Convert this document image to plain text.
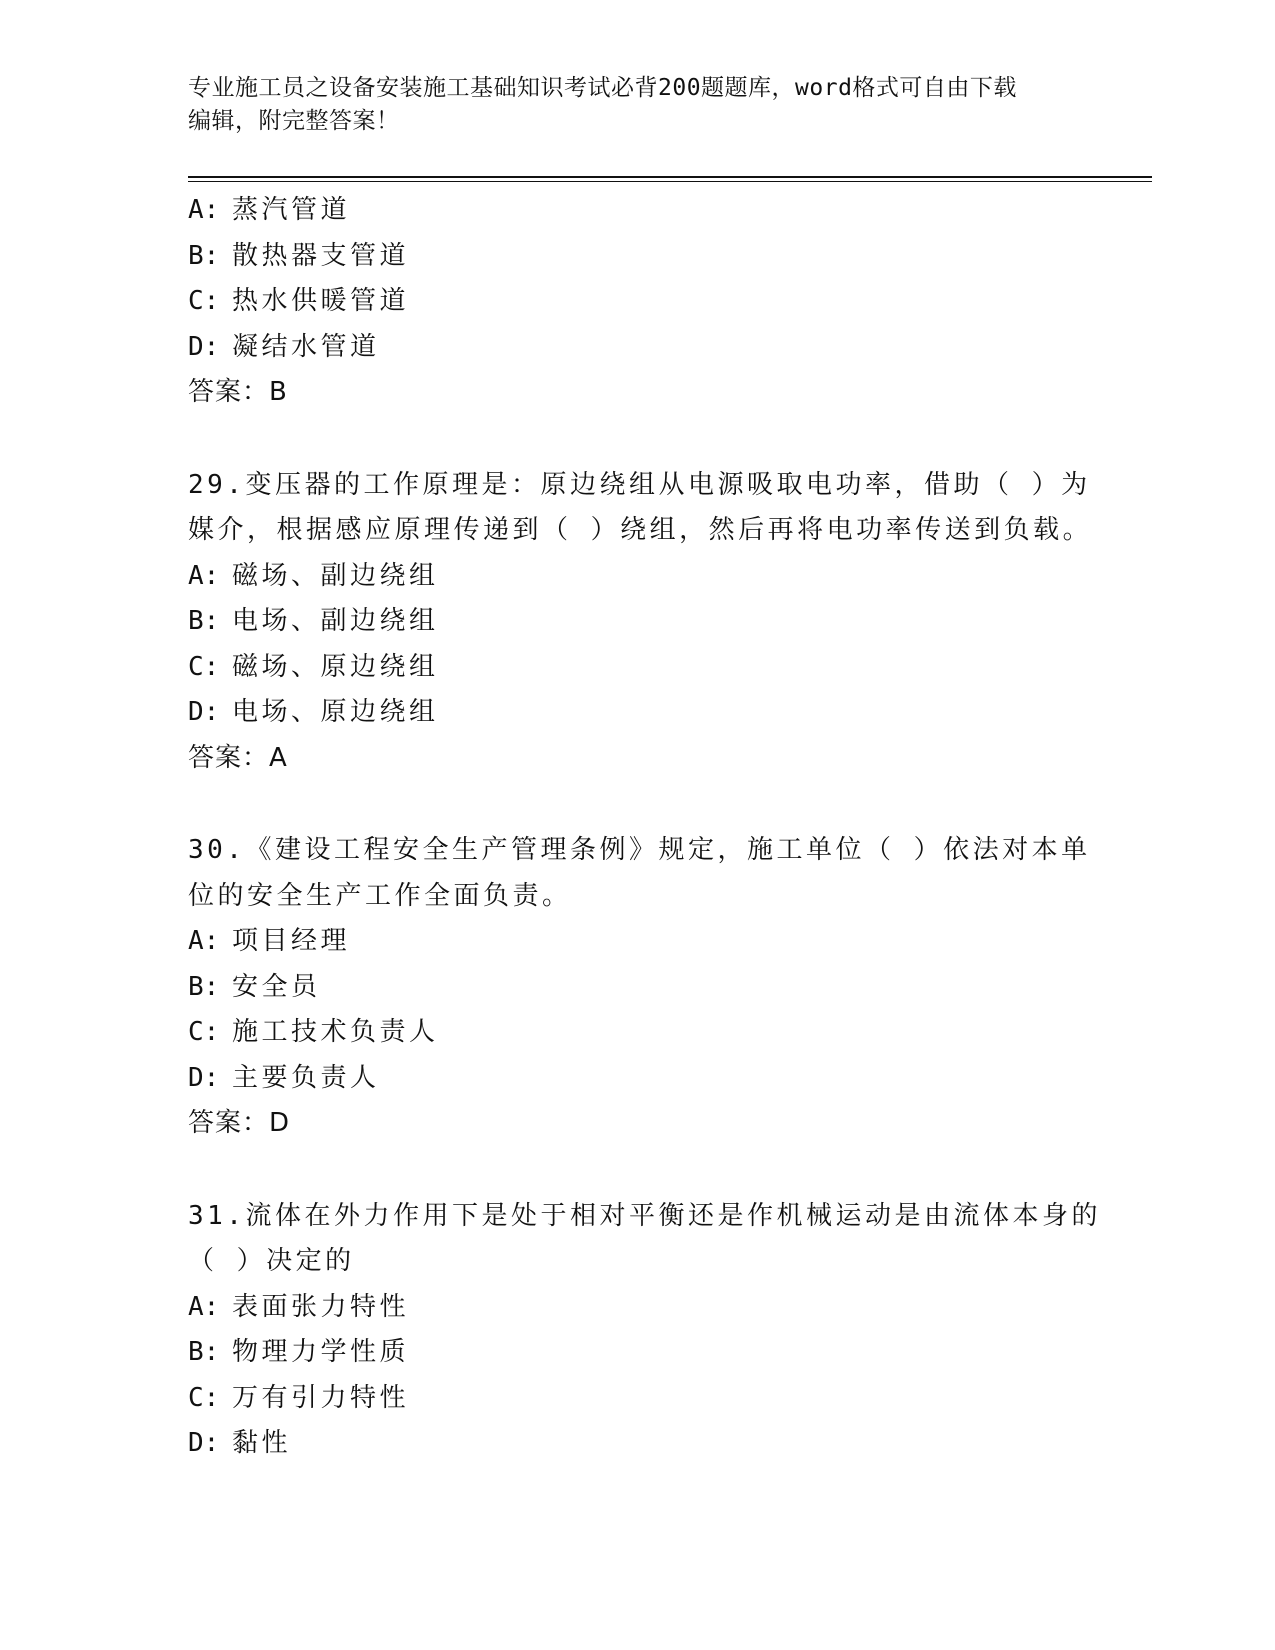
专业施工员之设备安装施工基础知识考试必背200题题库，word格式可自由下载
编辑，附完整答案！
A: 蒸汽管道
B: 散热器支管道
C: 热水供暖管道
D: 凝结水管道
答案：B
29.变压器的工作原理是：原边绕组从电源吸取电功率，借助（ ）为
媒介，根据感应原理传递到（ ）绕组，然后再将电功率传送到负载。
A: 磁场、副边绕组
B: 电场、副边绕组
C: 磁场、原边绕组
D: 电场、原边绕组
答案：A
30.《建设工程安全生产管理条例》规定，施工单位（ ）依法对本单
位的安全生产工作全面负责。
A: 项目经理
B: 安全员
C: 施工技术负责人
D: 主要负责人
答案：D
31.流体在外力作用下是处于相对平衡还是作机械运动是由流体本身的
（ ）决定的
A: 表面张力特性
B: 物理力学性质
C: 万有引力特性
D: 黏性
